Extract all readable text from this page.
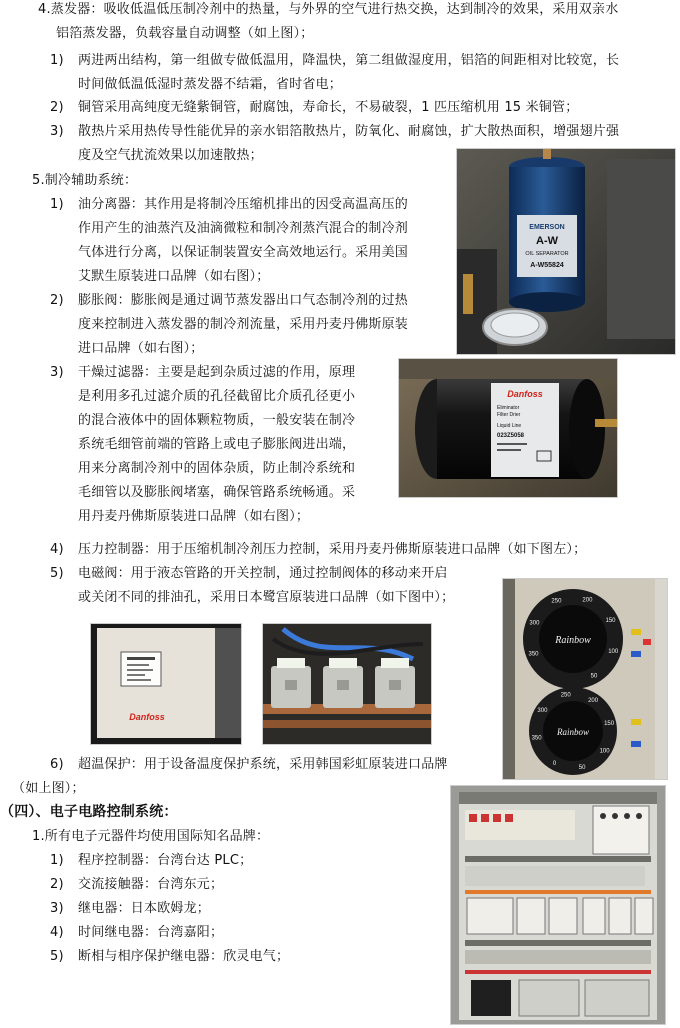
4.蒸发器：吸收低温低压制冷剂中的热量，与外界的空气进行热交换，达到制冷的效果，采用双亲水
铝箔蒸发器，负载容量自动调整（如上图）；
1) 两进两出结构，第一组做专做低温用，降温快，第二组做湿度用，铝箔的间距相对比较宽，长
时间做低温低湿时蒸发器不结霜，省时省电；
2) 铜管采用高纯度无缝紫铜管，耐腐蚀，寿命长，不易破裂，1 匹压缩机用 15 米铜管；
3) 散热片采用热传导性能优异的亲水铝箔散热片，防氧化、耐腐蚀，扩大散热面积，增强翅片强
度及空气扰流效果以加速散热；
5.制冷辅助系统：
1) 油分离器：其作用是将制冷压缩机排出的因受高温高压的
作用产生的油蒸汽及油滴微粒和制冷剂蒸汽混合的制冷剂
气体进行分离，以保证制装置安全高效地运行。采用美国
艾默生原装进口品牌（如右图）；
2) 膨胀阀：膨胀阀是通过调节蒸发器出口气态制冷剂的过热
度来控制进入蒸发器的制冷剂流量，采用丹麦丹佛斯原装
进口品牌（如右图）；
3) 干燥过滤器：主要是起到杂质过滤的作用，原理
是利用多孔过滤介质的孔径截留比介质孔径更小
的混合液体中的固体颗粒物质，一般安装在制冷
系统毛细管前端的管路上或电子膨胀阀进出端，
用来分离制冷剂中的固体杂质，防止制冷系统和
毛细管以及膨胀阀堵塞，确保管路系统畅通。采
用丹麦丹佛斯原装进口品牌（如右图）；
4) 压力控制器：用于压缩机制冷剂压力控制，采用丹麦丹佛斯原装进口品牌（如下图左）；
5) 电磁阀：用于液态管路的开关控制，通过控制阀体的移动来开启
或关闭不同的排油孔，采用日本鹭宫原装进口品牌（如下图中）；
6) 超温保护：用于设备温度保护系统，采用韩国彩虹原装进口品牌
（如上图）；
（四）、电子电路控制系统：
1.所有电子元器件均使用国际知名品牌：
1) 程序控制器：台湾台达 PLC；
2) 交流接触器：台湾东元；
3) 继电器：日本欧姆龙；
4) 时间继电器：台湾嘉阳；
5) 断相与相序保护继电器：欣灵电气；
EMERSON
A-W
OIL SEPARATOR
A-W55824
Danfoss
Eliminator
Filter Drier
Liquid Line
023Z5058
Rainbow
Rainbow
50
100
150
200
250
300
350
0
50
100
150
200
250
300
350
Danfoss
